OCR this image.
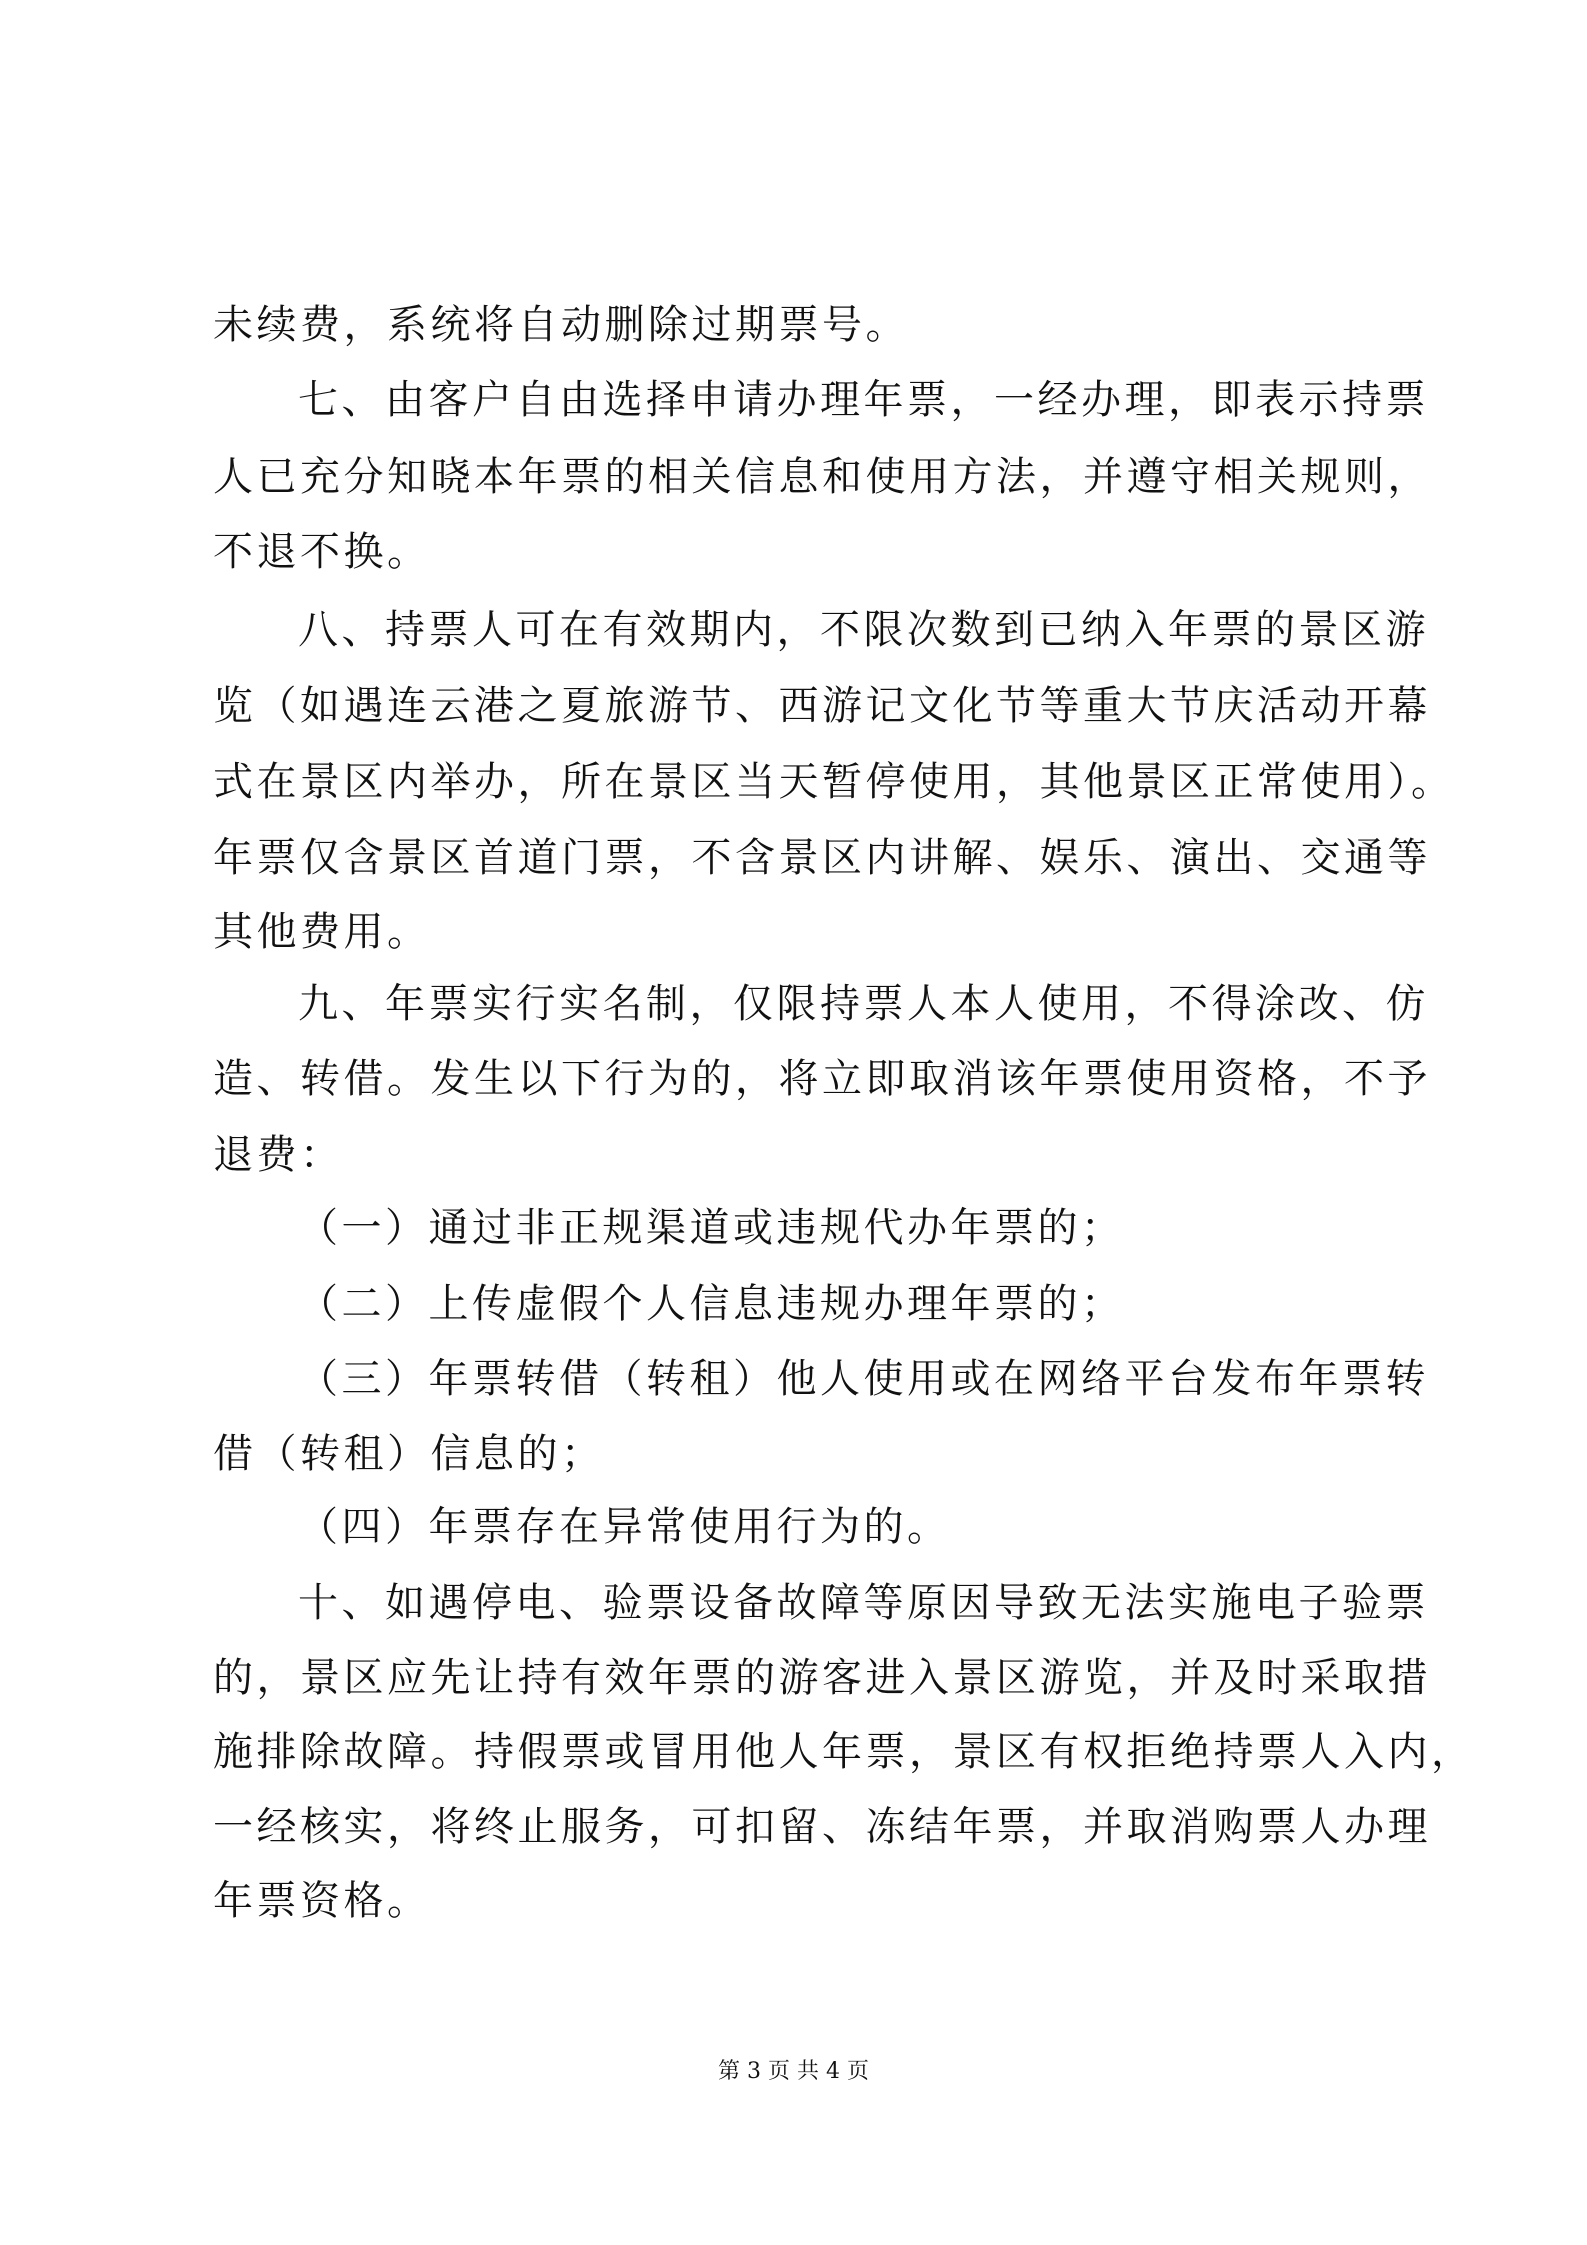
未续费，系统将自动删除过期票号。
七、由客户自由选择申请办理年票，一经办理，即表示持票
人已充分知晓本年票的相关信息和使用方法，并遵守相关规则，
不退不换。
八、持票人可在有效期内，不限次数到已纳入年票的景区游
览（如遇连云港之夏旅游节、西游记文化节等重大节庆活动开幕
式在景区内举办，所在景区当天暂停使用，其他景区正常使用）。
年票仅含景区首道门票，不含景区内讲解、娱乐、演出、交通等
其他费用。
九、年票实行实名制，仅限持票人本人使用，不得涂改、仿
造、转借。发生以下行为的，将立即取消该年票使用资格，不予
退费：
（一）通过非正规渠道或违规代办年票的；
（二）上传虚假个人信息违规办理年票的；
（三）年票转借（转租）他人使用或在网络平台发布年票转
借（转租）信息的；
（四）年票存在异常使用行为的。
十、如遇停电、验票设备故障等原因导致无法实施电子验票
的，景区应先让持有效年票的游客进入景区游览，并及时采取措
施排除故障。持假票或冒用他人年票，景区有权拒绝持票人入内，
一经核实，将终止服务，可扣留、冻结年票，并取消购票人办理
年票资格。
第 3 页 共 4 页
